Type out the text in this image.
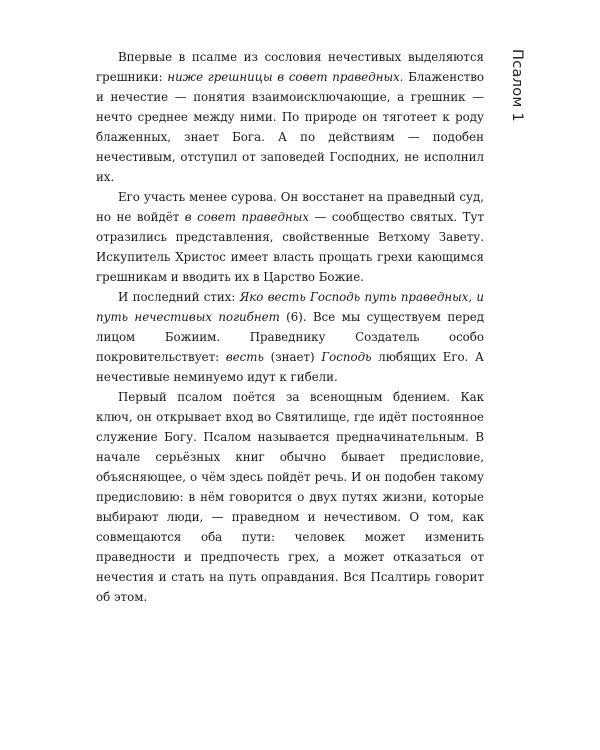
Впервые в псалме из сословия нечестивых выделяются грешники: ниже грешницы в совет праведных. Блаженство и нечестие — понятия взаимоисключающие, а грешник — нечто среднее между ними. По природе он тяготеет к роду блаженных, знает Бога. А по действиям — подобен нечестивым, отступил от заповедей Господних, не исполнил их.

Его участь менее сурова. Он восстанет на праведный суд, но не войдёт в совет праведных — сообщество святых. Тут отразились представления, свойственные Ветхому Завету. Искупитель Христос имеет власть прощать грехи кающимся грешникам и вводить их в Царство Божие.

И последний стих: Яко весть Господь путь праведных, и путь нечестивых погибнет (6). Все мы существуем перед лицом Божиим. Праведнику Создатель особо покровительствует: весть (знает) Господь любящих Его. А нечестивые неминуемо идут к гибели.

Первый псалом поётся за всенощным бдением. Как ключ, он открывает вход во Святилище, где идёт постоянное служение Богу. Псалом называется предначинательным. В начале серьёзных книг обычно бывает предисловие, объясняющее, о чём здесь пойдёт речь. И он подобен такому предисловию: в нём говорится о двух путях жизни, которые выбирают люди, — праведном и нечестивом. О том, как совмещаются оба пути: человек может изменить праведности и предпочесть грех, а может отказаться от нечестия и стать на путь оправдания. Вся Псалтирь говорит об этом.

Псалом 1
